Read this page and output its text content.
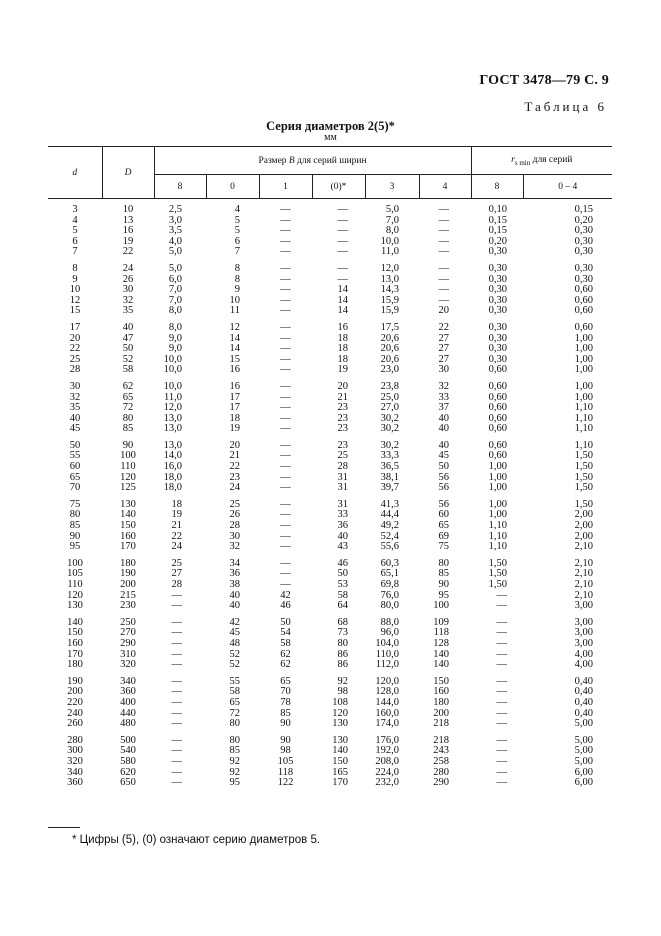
ГОСТ 3478—79 С. 9
Таблица 6
Серия диаметров 2(5)*
мм
d	D	Размер B для серий ширин						$r_{s min}$ для серий	
		8	0	1	(0)*	3	4	8	0 – 4
3	10	2,5	4	—	—	5,0	—	0,10	0,15
4	13	3,0	5	—	—	7,0	—	0,15	0,20
5	16	3,5	5	—	—	8,0	—	0,15	0,30
6	19	4,0	6	—	—	10,0	—	0,20	0,30
7	22	5,0	7	—	—	11,0	—	0,30	0,30
8	24	5,0	8	—	—	12,0	—	0,30	0,30
9	26	6,0	8	—	—	13,0	—	0,30	0,30
10	30	7,0	9	—	14	14,3	—	0,30	0,60
12	32	7,0	10	—	14	15,9	—	0,30	0,60
15	35	8,0	11	—	14	15,9	20	0,30	0,60
17	40	8,0	12	—	16	17,5	22	0,30	0,60
20	47	9,0	14	—	18	20,6	27	0,30	1,00
22	50	9,0	14	—	18	20,6	27	0,30	1,00
25	52	10,0	15	—	18	20,6	27	0,30	1,00
28	58	10,0	16	—	19	23,0	30	0,60	1,00
30	62	10,0	16	—	20	23,8	32	0,60	1,00
32	65	11,0	17	—	21	25,0	33	0,60	1,00
35	72	12,0	17	—	23	27,0	37	0,60	1,10
40	80	13,0	18	—	23	30,2	40	0,60	1,10
45	85	13,0	19	—	23	30,2	40	0,60	1,10
50	90	13,0	20	—	23	30,2	40	0,60	1,10
55	100	14,0	21	—	25	33,3	45	0,60	1,50
60	110	16,0	22	—	28	36,5	50	1,00	1,50
65	120	18,0	23	—	31	38,1	56	1,00	1,50
70	125	18,0	24	—	31	39,7	56	1,00	1,50
75	130	18	25	—	31	41,3	56	1,00	1,50
80	140	19	26	—	33	44,4	60	1,00	2,00
85	150	21	28	—	36	49,2	65	1,10	2,00
90	160	22	30	—	40	52,4	69	1,10	2,00
95	170	24	32	—	43	55,6	75	1,10	2,10
100	180	25	34	—	46	60,3	80	1,50	2,10
105	190	27	36	—	50	65,1	85	1,50	2,10
110	200	28	38	—	53	69,8	90	1,50	2,10
120	215	—	40	42	58	76,0	95	—	2,10
130	230	—	40	46	64	80,0	100	—	3,00
140	250	—	42	50	68	88,0	109	—	3,00
150	270	—	45	54	73	96,0	118	—	3,00
160	290	—	48	58	80	104,0	128	—	3,00
170	310	—	52	62	86	110,0	140	—	4,00
180	320	—	52	62	86	112,0	140	—	4,00
190	340	—	55	65	92	120,0	150	—	0,40
200	360	—	58	70	98	128,0	160	—	0,40
220	400	—	65	78	108	144,0	180	—	0,40
240	440	—	72	85	120	160,0	200	—	0,40
260	480	—	80	90	130	174,0	218	—	5,00
280	500	—	80	90	130	176,0	218	—	5,00
300	540	—	85	98	140	192,0	243	—	5,00
320	580	—	92	105	150	208,0	258	—	5,00
340	620	—	92	118	165	224,0	280	—	6,00
360	650	—	95	122	170	232,0	290	—	6,00
* Цифры (5), (0) означают серию диаметров 5.
